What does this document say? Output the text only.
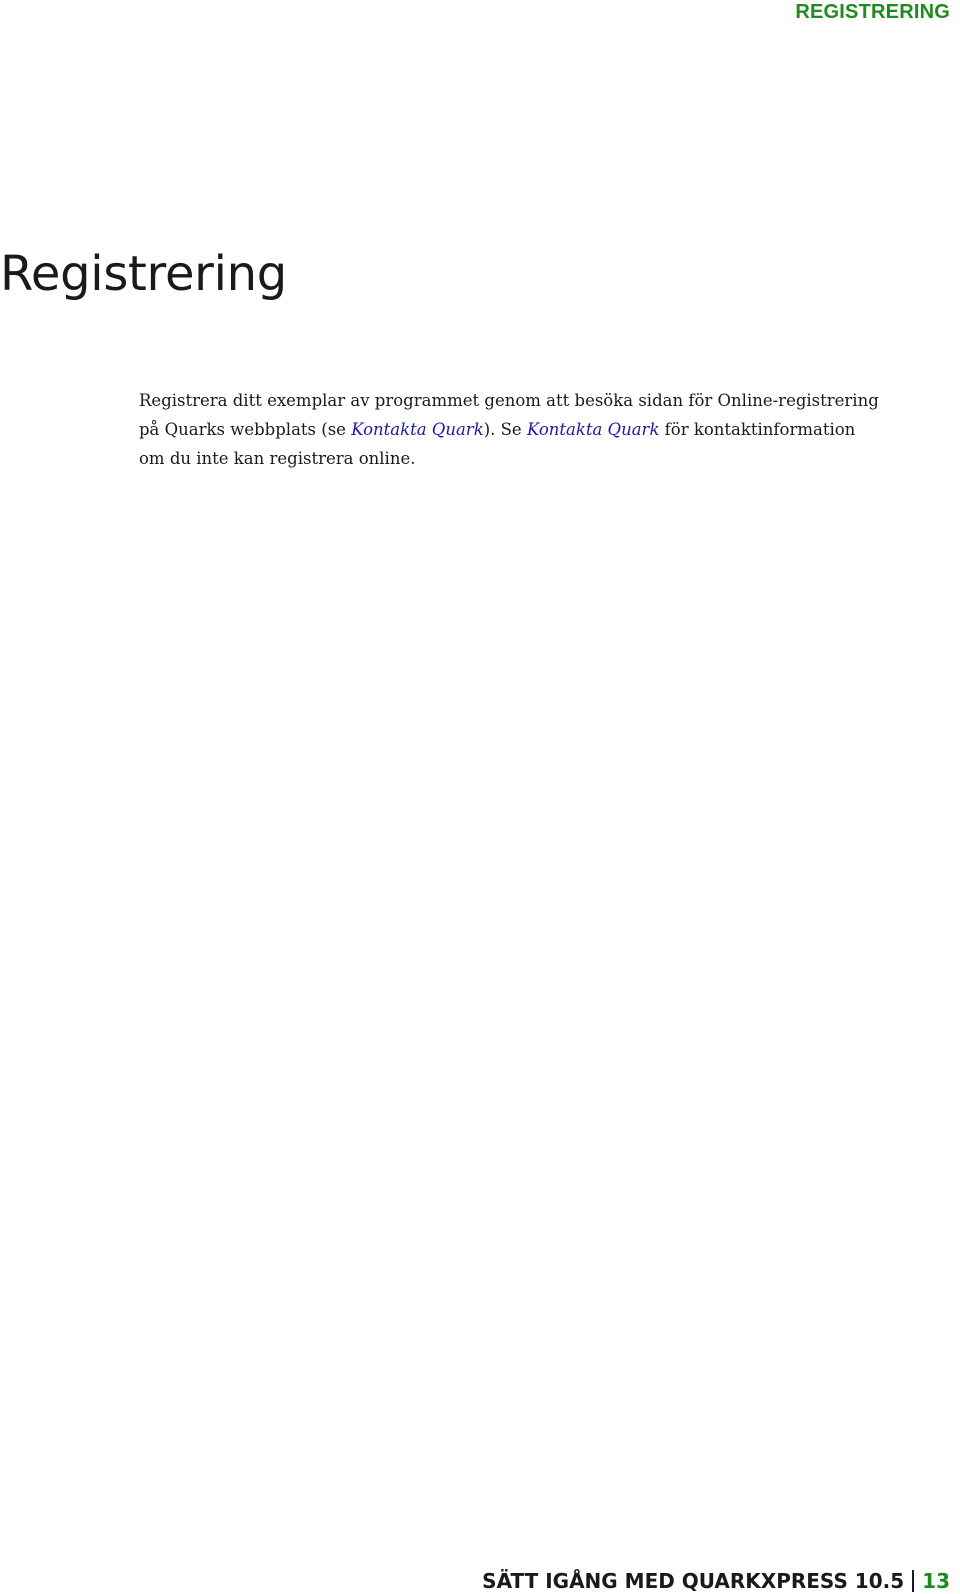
REGISTRERING
Registrering

Registrera ditt exemplar av programmet genom att besöka sidan för Online-registrering på Quarks webbplats (se Kontakta Quark). Se Kontakta Quark för kontaktinformation om du inte kan registrera online.

SÄTT IGÅNG MED QUARKXPRESS 10.5 13
